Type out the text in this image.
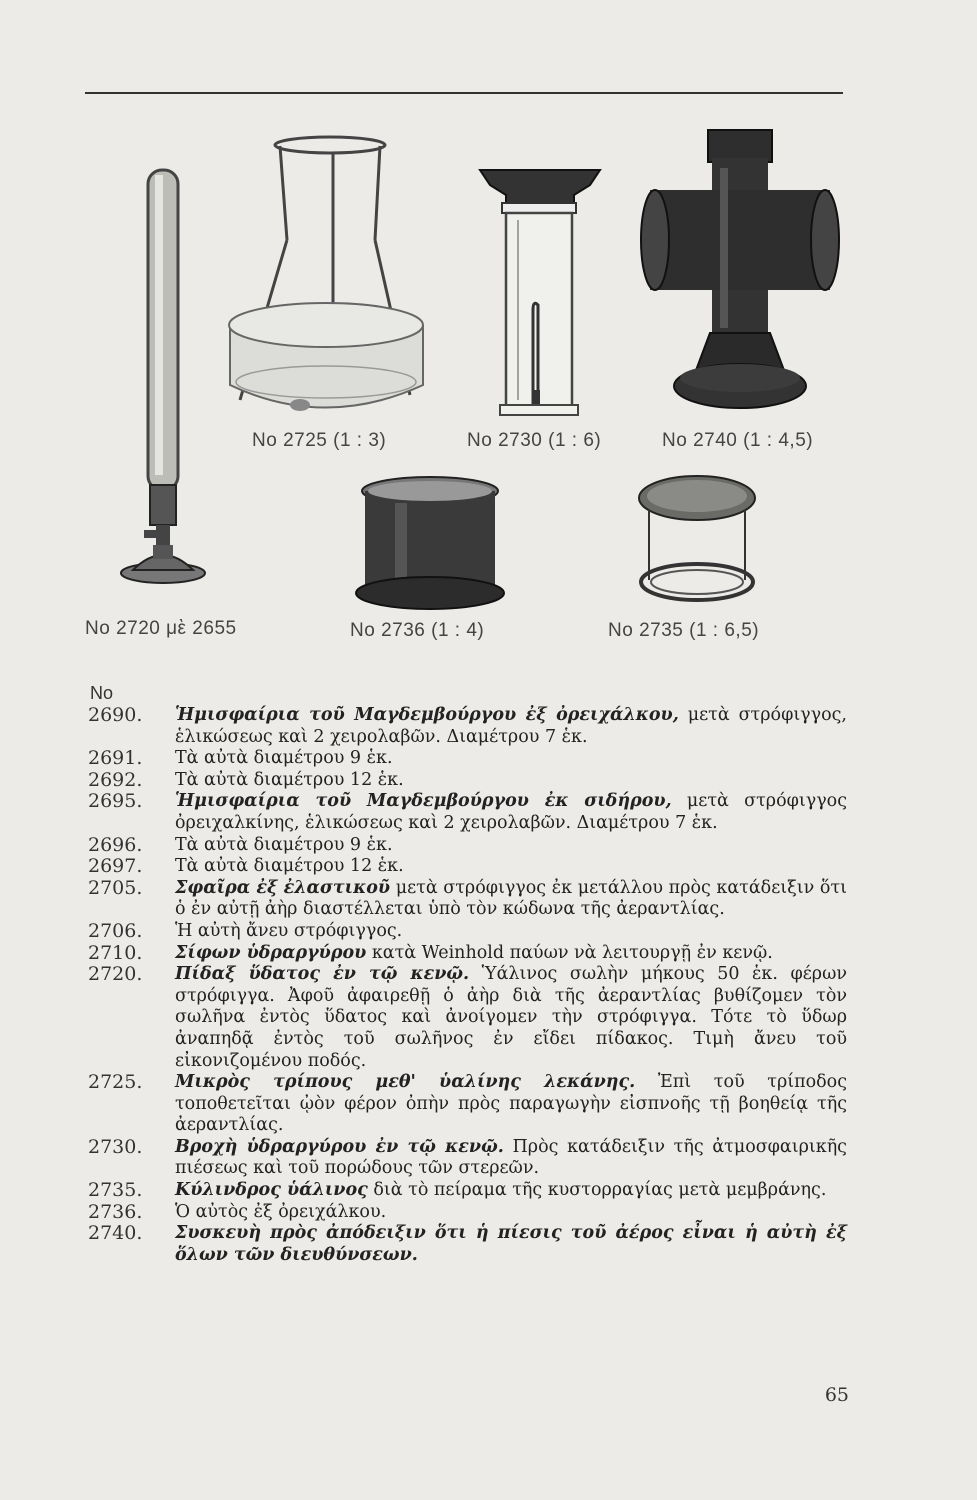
Νο 2725 (1 : 3)	Νο 2730 (1 : 6)	Νο 2740 (1 : 4,5)
Νο 2720 μὲ 2655	Νο 2736 (1 : 4)	Νο 2735 (1 : 6,5)
Νο
2690.	Ἡμισφαίρια τοῦ Μαγδεμβούργου ἐξ ὀρειχάλκου, μετὰ στρόφιγγος, ἑλικώσεως καὶ 2 χειρολαβῶν. Διαμέτρου 7 ἑκ.
2691.	Τὰ αὐτὰ διαμέτρου 9 ἑκ.
2692.	Τὰ αὐτὰ διαμέτρου 12 ἑκ.
2695.	Ἡμισφαίρια τοῦ Μαγδεμβούργου ἐκ σιδήρου, μετὰ στρόφιγγος ὀρειχαλκίνης, ἑλικώσεως καὶ 2 χειρολαβῶν. Διαμέτρου 7 ἑκ.
2696.	Τὰ αὐτὰ διαμέτρου 9 ἑκ.
2697.	Τὰ αὐτὰ διαμέτρου 12 ἑκ.
2705.	Σφαῖρα ἐξ ἐλαστικοῦ μετὰ στρόφιγγος ἐκ μετάλλου πρὸς κατάδειξιν ὅτι ὁ ἐν αὐτῇ ἀὴρ διαστέλλεται ὑπὸ τὸν κώδωνα τῆς ἀεραντλίας.
2706.	Ἡ αὐτὴ ἄνευ στρόφιγγος.
2710.	Σίφων ὑδραργύρου κατὰ Weinhold παύων νὰ λειτουργῇ ἐν κενῷ.
2720.	Πίδαξ ὕδατος ἐν τῷ κενῷ. Ὑάλινος σωλὴν μήκους 50 ἑκ. φέρων στρόφιγγα. Ἀφοῦ ἀφαιρεθῇ ὁ ἀὴρ διὰ τῆς ἀεραντλίας βυθίζομεν τὸν σωλῆνα ἐντὸς ὕδατος καὶ ἀνοίγομεν τὴν στρόφιγγα. Τότε τὸ ὕδωρ ἀναπηδᾷ ἐντὸς τοῦ σωλῆνος ἐν εἴδει πίδακος. Τιμὴ ἄνευ τοῦ εἰκονιζομένου ποδός.
2725.	Μικρὸς τρίπους μεθ' ὑαλίνης λεκάνης. Ἐπὶ τοῦ τρίποδος τοποθετεῖται ᾠὸν φέρον ὀπὴν πρὸς παραγωγὴν εἰσπνοῆς τῇ βοηθείᾳ τῆς ἀεραντλίας.
2730.	Βροχὴ ὑδραργύρου ἐν τῷ κενῷ. Πρὸς κατάδειξιν τῆς ἀτμοσφαιρικῆς πιέσεως καὶ τοῦ πορώδους τῶν στερεῶν.
2735.	Κύλινδρος ὑάλινος διὰ τὸ πείραμα τῆς κυστορραγίας μετὰ μεμβράνης.
2736.	Ὁ αὐτὸς ἐξ ὀρειχάλκου.
2740.	Συσκευὴ πρὸς ἀπόδειξιν ὅτι ἡ πίεσις τοῦ ἀέρος εἶναι ἡ αὐτὴ ἐξ ὅλων τῶν διευθύνσεων.
65
